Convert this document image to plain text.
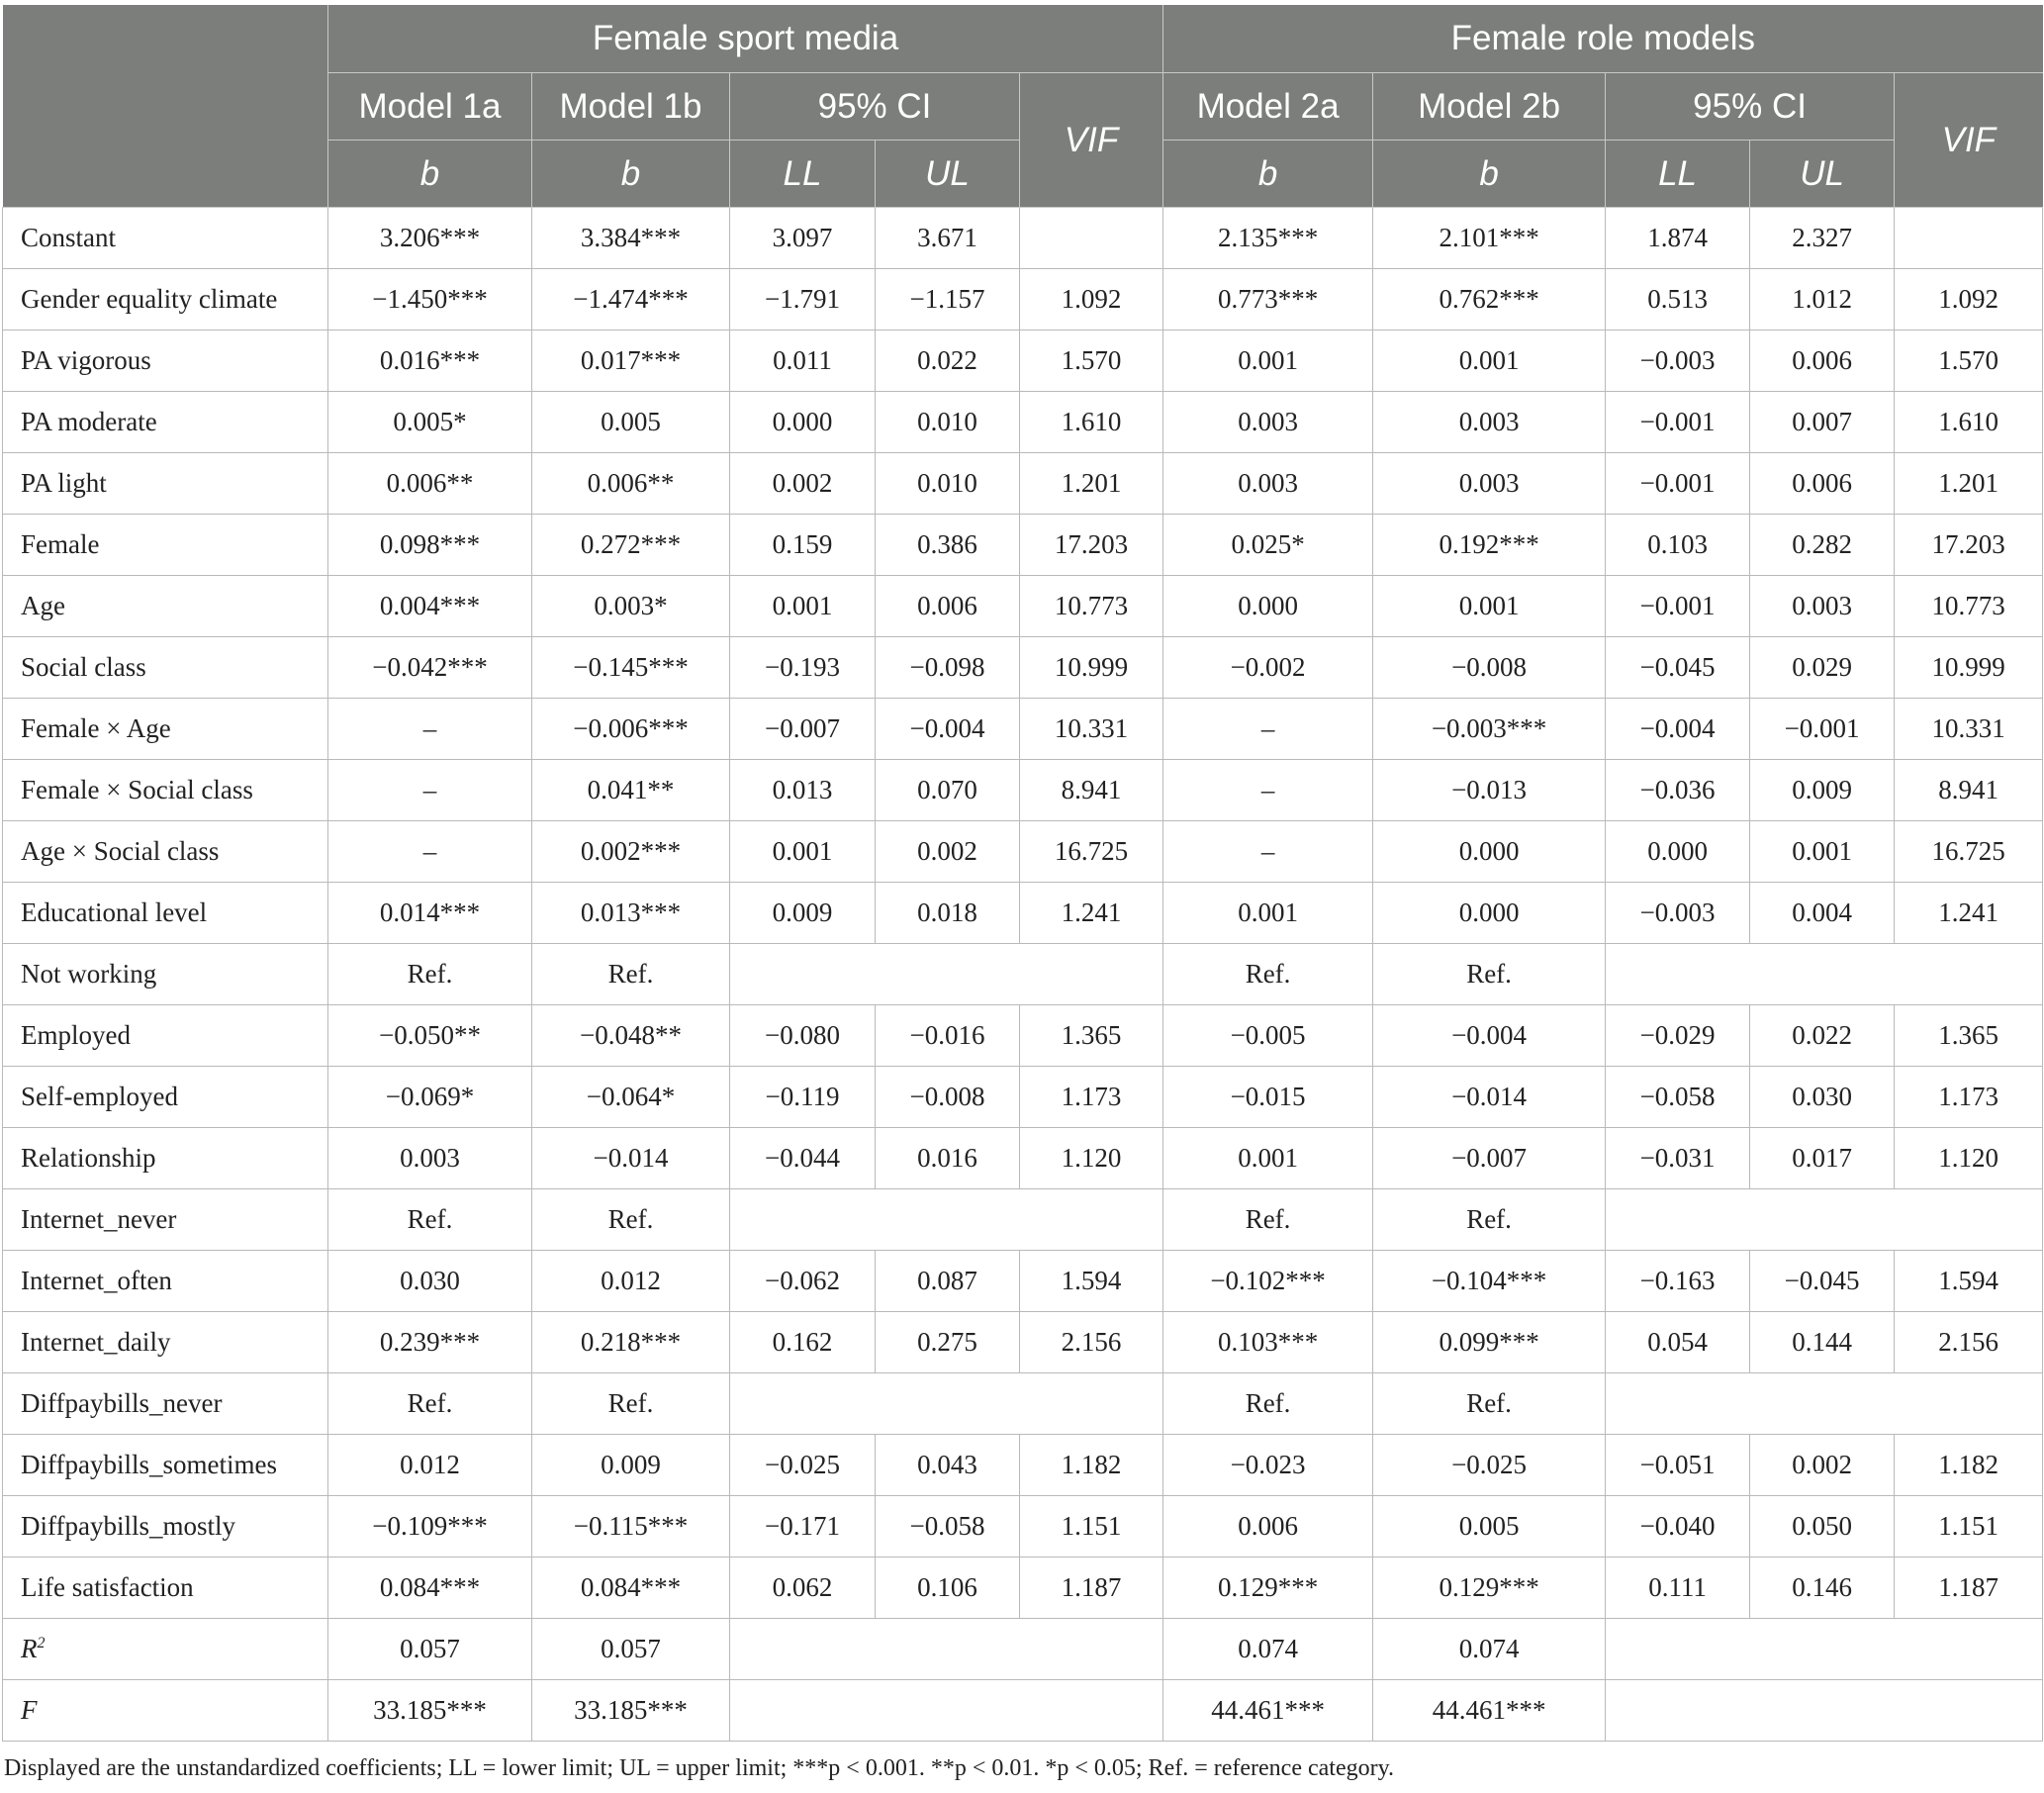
	Female sport media					Female role models				
	Model 1a	Model 1b	95% CI		VIF	Model 2a	Model 2b	95% CI		VIF
	b	b	LL	UL		b	b	LL	UL	
Constant	3.206***	3.384***	3.097	3.671		2.135***	2.101***	1.874	2.327	
Gender equality climate	−1.450***	−1.474***	−1.791	−1.157	1.092	0.773***	0.762***	0.513	1.012	1.092
PA vigorous	0.016***	0.017***	0.011	0.022	1.570	0.001	0.001	−0.003	0.006	1.570
PA moderate	0.005*	0.005	0.000	0.010	1.610	0.003	0.003	−0.001	0.007	1.610
PA light	0.006**	0.006**	0.002	0.010	1.201	0.003	0.003	−0.001	0.006	1.201
Female	0.098***	0.272***	0.159	0.386	17.203	0.025*	0.192***	0.103	0.282	17.203
Age	0.004***	0.003*	0.001	0.006	10.773	0.000	0.001	−0.001	0.003	10.773
Social class	−0.042***	−0.145***	−0.193	−0.098	10.999	−0.002	−0.008	−0.045	0.029	10.999
Female × Age	–	−0.006***	−0.007	−0.004	10.331	–	−0.003***	−0.004	−0.001	10.331
Female × Social class	–	0.041**	0.013	0.070	8.941	–	−0.013	−0.036	0.009	8.941
Age × Social class	–	0.002***	0.001	0.002	16.725	–	0.000	0.000	0.001	16.725
Educational level	0.014***	0.013***	0.009	0.018	1.241	0.001	0.000	−0.003	0.004	1.241
Not working	Ref.	Ref.				Ref.	Ref.			
Employed	−0.050**	−0.048**	−0.080	−0.016	1.365	−0.005	−0.004	−0.029	0.022	1.365
Self-employed	−0.069*	−0.064*	−0.119	−0.008	1.173	−0.015	−0.014	−0.058	0.030	1.173
Relationship	0.003	−0.014	−0.044	0.016	1.120	0.001	−0.007	−0.031	0.017	1.120
Internet_never	Ref.	Ref.				Ref.	Ref.			
Internet_often	0.030	0.012	−0.062	0.087	1.594	−0.102***	−0.104***	−0.163	−0.045	1.594
Internet_daily	0.239***	0.218***	0.162	0.275	2.156	0.103***	0.099***	0.054	0.144	2.156
Diffpaybills_never	Ref.	Ref.				Ref.	Ref.			
Diffpaybills_sometimes	0.012	0.009	−0.025	0.043	1.182	−0.023	−0.025	−0.051	0.002	1.182
Diffpaybills_mostly	−0.109***	−0.115***	−0.171	−0.058	1.151	0.006	0.005	−0.040	0.050	1.151
Life satisfaction	0.084***	0.084***	0.062	0.106	1.187	0.129***	0.129***	0.111	0.146	1.187
$R^2$	0.057	0.057				0.074	0.074			
F	33.185***	33.185***				44.461***	44.461***			
Displayed are the unstandardized coefficients; LL = lower limit; UL = upper limit; ***p < 0.001. **p < 0.01. *p < 0.05; Ref. = reference category.
